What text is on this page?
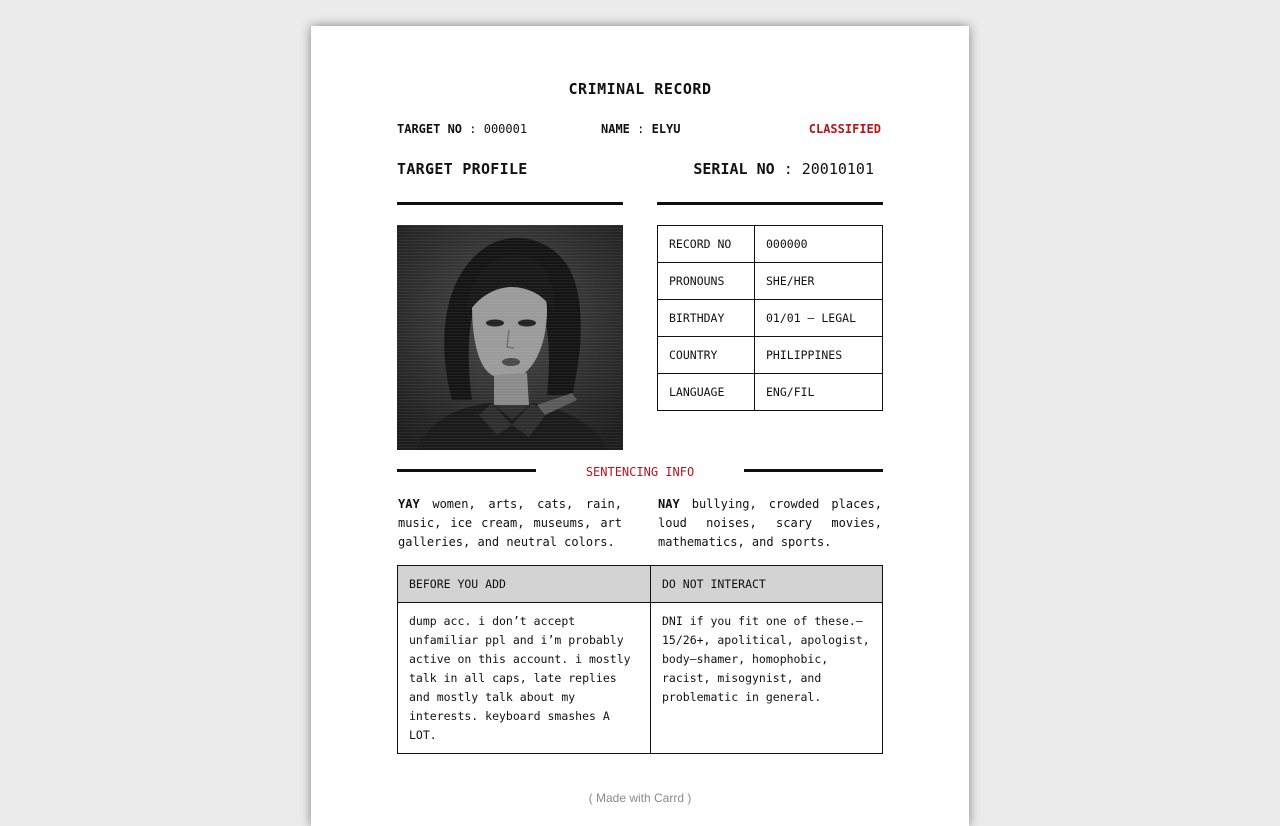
CRIMINAL RECORD
TARGET NO : 000001	NAME : ELYU	CLASSIFIED
TARGET PROFILE	SERIAL NO : 20010101
RECORD NO	000000
PRONOUNS	SHE/HER
BIRTHDAY	01/01 – LEGAL
COUNTRY	PHILIPPINES
LANGUAGE	ENG/FIL
SENTENCING INFO
YAY women, arts, cats, rain, music, ice cream, museums, art galleries, and neutral colors.
NAY bullying, crowded places, loud noises, scary movies, mathematics, and sports.
BEFORE YOU ADD	DO NOT INTERACT
dump acc. i don’t accept unfamiliar ppl and i’m probably active on this account. i mostly talk in all caps, late replies and mostly talk about my interests. keyboard smashes A LOT.	DNI if you fit one of these.–15/26+, apolitical, apologist, body–shamer, homophobic, racist, misogynist, and problematic in general.
( Made with Carrd )
